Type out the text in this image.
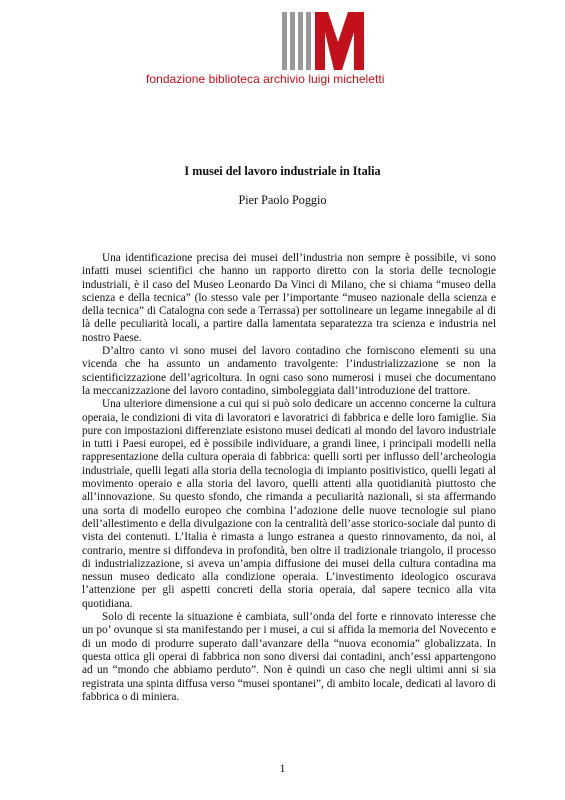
fondazione biblioteca archivio luigi micheletti
I musei del lavoro industriale in Italia
Pier Paolo Poggio

Una identificazione precisa dei musei dell’industria non sempre è possibile, vi sono infatti musei scientifici che hanno un rapporto diretto con la storia delle tecnologie industriali, è il caso del Museo Leonardo Da Vinci di Milano, che si chiama “museo della scienza e della tecnica” (lo stesso vale per l’importante “museo nazionale della scienza e della tecnica” di Catalogna con sede a Terrassa) per sottolineare un legame innegabile al di là delle peculiarità locali, a partire dalla lamentata separatezza tra scienza e industria nel nostro Paese.

D’altro canto vi sono musei del lavoro contadino che forniscono elementi su una vicenda che ha assunto un andamento travolgente: l’industrializzazione se non la scientificizzazione dell’agricoltura. In ogni caso sono numerosi i musei che documentano la meccanizzazione del lavoro contadino, simboleggiata dall’introduzione del trattore.

Una ulteriore dimensione a cui qui si può solo dedicare un accenno concerne la cultura operaia, le condizioni di vita di lavoratori e lavoratrici di fabbrica e delle loro famiglie. Sia pure con impostazioni differenziate esistono musei dedicati al mondo del lavoro industriale in tutti i Paesi europei, ed è possibile individuare, a grandi linee, i principali modelli nella rappresentazione della cultura operaia di fabbrica: quelli sorti per influsso dell’archeologia industriale, quelli legati alla storia della tecnologia di impianto positivistico, quelli legati al movimento operaio e alla storia del lavoro, quelli attenti alla quotidianità piuttosto che all’innovazione. Su questo sfondo, che rimanda a peculiarità nazionali, si sta affermando una sorta di modello europeo che combina l’adozione delle nuove tecnologie sul piano dell’allestimento e della divulgazione con la centralità dell’asse storico-sociale dal punto di vista dei contenuti. L’Italia è rimasta a lungo estranea a questo rinnovamento, da noi, al contrario, mentre si diffondeva in profondità, ben oltre il tradizionale triangolo, il processo di industrializzazione, si aveva un’ampia diffusione dei musei della cultura contadina ma nessun museo dedicato alla condizione operaia. L’investimento ideologico oscurava l’attenzione per gli aspetti concreti della storia operaia, dal sapere tecnico alla vita quotidiana.

Solo di recente la situazione è cambiata, sull’onda del forte e rinnovato interesse che un po’ ovunque si sta manifestando per i musei, a cui si affida la memoria del Novecento e di un modo di produrre superato dall’avanzare della “nuova economia” globalizzata. In questa ottica gli operai di fabbrica non sono diversi dai contadini, anch’essi appartengono ad un “mondo che abbiamo perduto”. Non è quindi un caso che negli ultimi anni si sia registrata una spinta diffusa verso “musei spontanei”, di ambito locale, dedicati al lavoro di fabbrica o di miniera.

1
